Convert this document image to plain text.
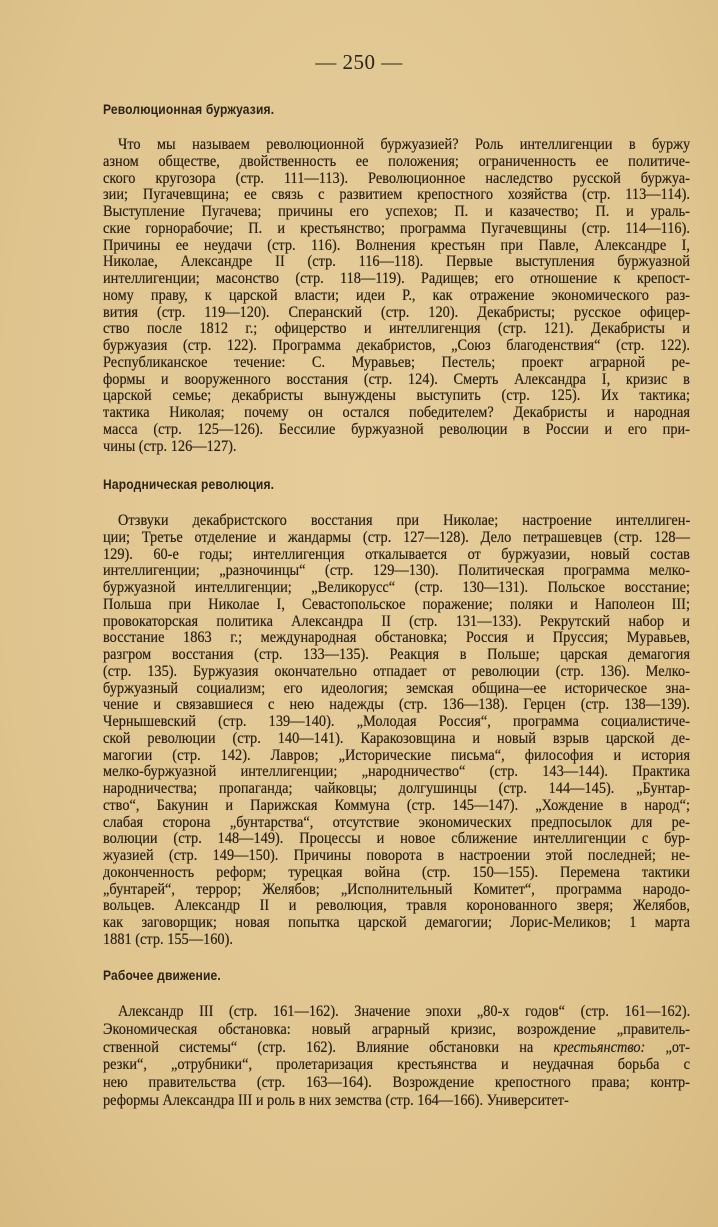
— 250 —
Революционная буржуазия.
Что мы называем революционной буржуазией? Роль интеллигенции в буржу
азном обществе, двойственность ее положения; ограниченность ее политиче-
ского кругозора (стр. 111—113). Революционное наследство русской буржуа-
зии; Пугачевщина; ее связь с развитием крепостного хозяйства (стр. 113—114).
Выступление Пугачева; причины его успехов; П. и казачество; П. и ураль-
ские горнорабочие; П. и крестьянство; программа Пугачевщины (стр. 114—116).
Причины ее неудачи (стр. 116). Волнения крестьян при Павле, Александре I,
Николае, Александре II (стр. 116—118). Первые выступления буржуазной
интеллигенции; масонство (стр. 118—119). Радищев; его отношение к крепост-
ному праву, к царской власти; идеи Р., как отражение экономического раз-
вития (стр. 119—120). Сперанский (стр. 120). Декабристы; русское офицер-
ство после 1812 г.; офицерство и интеллигенция (стр. 121). Декабристы и
буржуазия (стр. 122). Программа декабристов, „Союз благоденствия“ (стр. 122).
Республиканское течение: С. Муравьев; Пестель; проект аграрной ре-
формы и вооруженного восстания (стр. 124). Смерть Александра I, кризис в
царской семье; декабристы вынуждены выступить (стр. 125). Их тактика;
тактика Николая; почему он остался победителем? Декабристы и народная
масса (стр. 125—126). Бессилие буржуазной революции в России и его при-
чины (стр. 126—127).
Народническая революция.
Отзвуки декабристского восстания при Николае; настроение интеллиген-
ции; Третье отделение и жандармы (стр. 127—128). Дело петрашевцев (стр. 128—
129). 60-е годы; интеллигенция откалывается от буржуазии, новый состав
интеллигенции; „разночинцы“ (стр. 129—130). Политическая программа мелко-
буржуазной интеллигенции; „Великорусс“ (стр. 130—131). Польское восстание;
Польша при Николае I, Севастопольское поражение; поляки и Наполеон III;
провокаторская политика Александра II (стр. 131—133). Рекрутский набор и
восстание 1863 г.; международная обстановка; Россия и Пруссия; Муравьев,
разгром восстания (стр. 133—135). Реакция в Польше; царская демагогия
(стр. 135). Буржуазия окончательно отпадает от революции (стр. 136). Мелко-
буржуазный социализм; его идеология; земская община—ее историческое зна-
чение и связавшиеся с нею надежды (стр. 136—138). Герцен (стр. 138—139).
Чернышевский (стр. 139—140). „Молодая Россия“, программа социалистиче-
ской революции (стр. 140—141). Каракозовщина и новый взрыв царской де-
магогии (стр. 142). Лавров; „Исторические письма“, философия и история
мелко-буржуазной интеллигенции; „народничество“ (стр. 143—144). Практика
народничества; пропаганда; чайковцы; долгушинцы (стр. 144—145). „Бунтар-
ство“, Бакунин и Парижская Коммуна (стр. 145—147). „Хождение в народ“;
слабая сторона „бунтарства“, отсутствие экономических предпосылок для ре-
волюции (стр. 148—149). Процессы и новое сближение интеллигенции с бур-
жуазией (стр. 149—150). Причины поворота в настроении этой последней; не-
доконченность реформ; турецкая война (стр. 150—155). Перемена тактики
„бунтарей“, террор; Желябов; „Исполнительный Комитет“, программа народо-
вольцев. Александр II и революция, травля коронованного зверя; Желябов,
как заговорщик; новая попытка царской демагогии; Лорис-Меликов; 1 марта
1881 (стр. 155—160).
Рабочее движение.
Александр III (стр. 161—162). Значение эпохи „80-х годов“ (стр. 161—162).
Экономическая обстановка: новый аграрный кризис, возрождение „правитель-
ственной системы“ (стр. 162). Влияние обстановки на крестьянство: „от-
резки“, „отрубники“, пролетаризация крестьянства и неудачная борьба с
нею правительства (стр. 163—164). Возрождение крепостного права; контр-
реформы Александра III и роль в них земства (стр. 164—166). Университет-
